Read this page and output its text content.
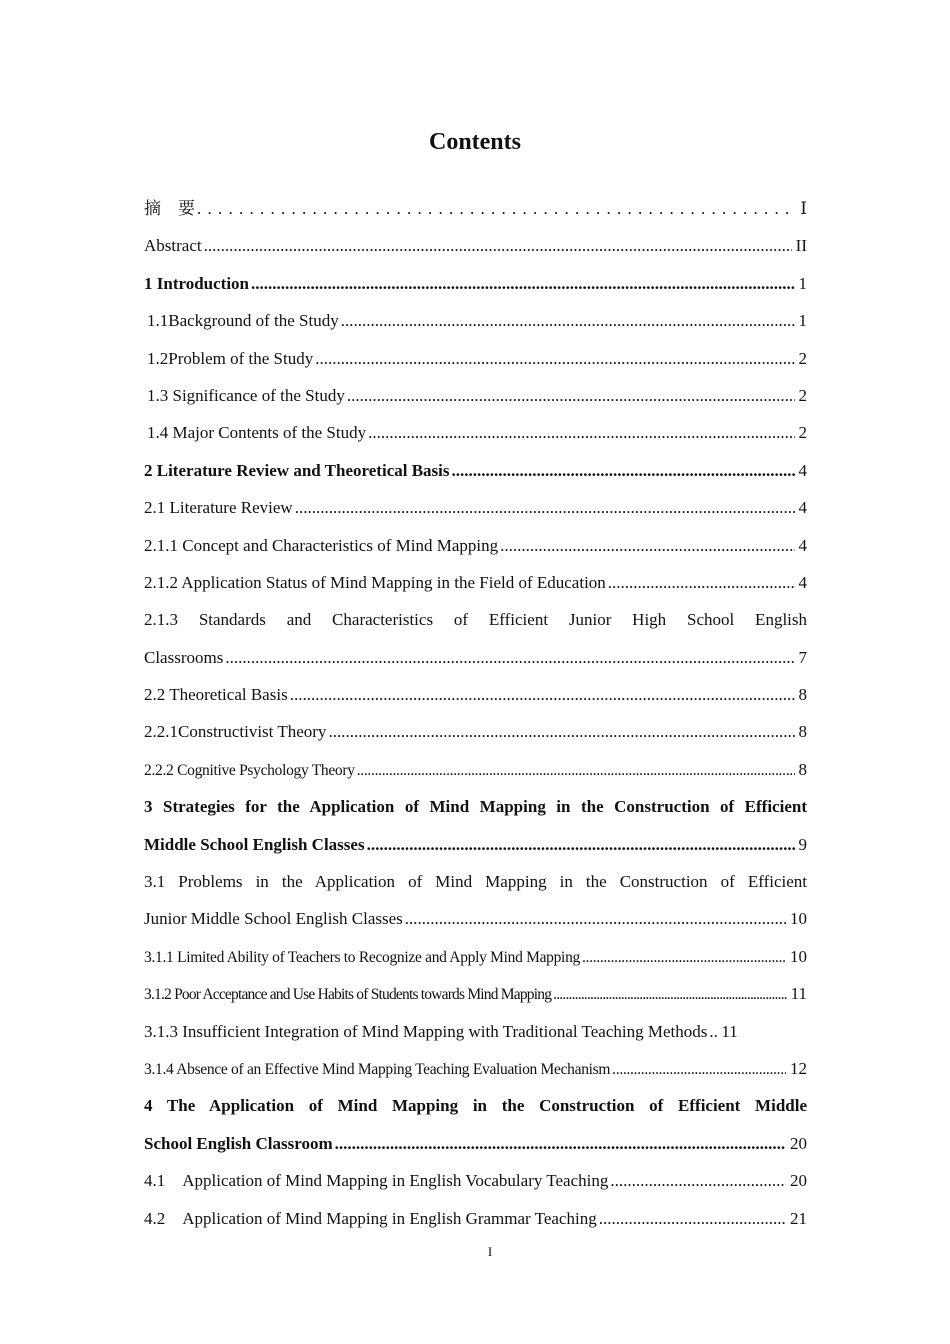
Contents
摘　要 . . .	Ⅰ
Abstract .....	II
1 Introduction .....	1
1.1Background of the Study .....	1
1.2Problem of the Study .....	2
1.3 Significance of the Study .....	2
1.4 Major Contents of the Study .....	2
2 Literature Review and Theoretical Basis .....	4
2.1 Literature Review .....	4
2.1.1 Concept and Characteristics of Mind Mapping .....	4
2.1.2 Application Status of Mind Mapping in the Field of Education .....	4
2.1.3 Standards and Characteristics of Efficient Junior High School English
Classrooms .....	7
2.2 Theoretical Basis .....	8
2.2.1Constructivist Theory .....	8
2.2.2 Cognitive Psychology Theory .....	8
3 Strategies for the Application of Mind Mapping in the Construction of Efficient
Middle School English Classes .....	9
3.1 Problems in the Application of Mind Mapping in the Construction of Efficient
Junior Middle School English Classes .....	10
3.1.1 Limited Ability of Teachers to Recognize and Apply Mind Mapping .....	10
3.1.2 Poor Acceptance and Use Habits of Students towards Mind Mapping .....	11
3.1.3 Insufficient Integration of Mind Mapping with Traditional Teaching Methods ..... 11
3.1.4 Absence of an Effective Mind Mapping Teaching Evaluation Mechanism .....	12
4 The Application of Mind Mapping in the Construction of Efficient Middle
School English Classroom .....	20
4.1　Application of Mind Mapping in English Vocabulary Teaching .....	20
4.2　Application of Mind Mapping in English Grammar Teaching .....	21
I
